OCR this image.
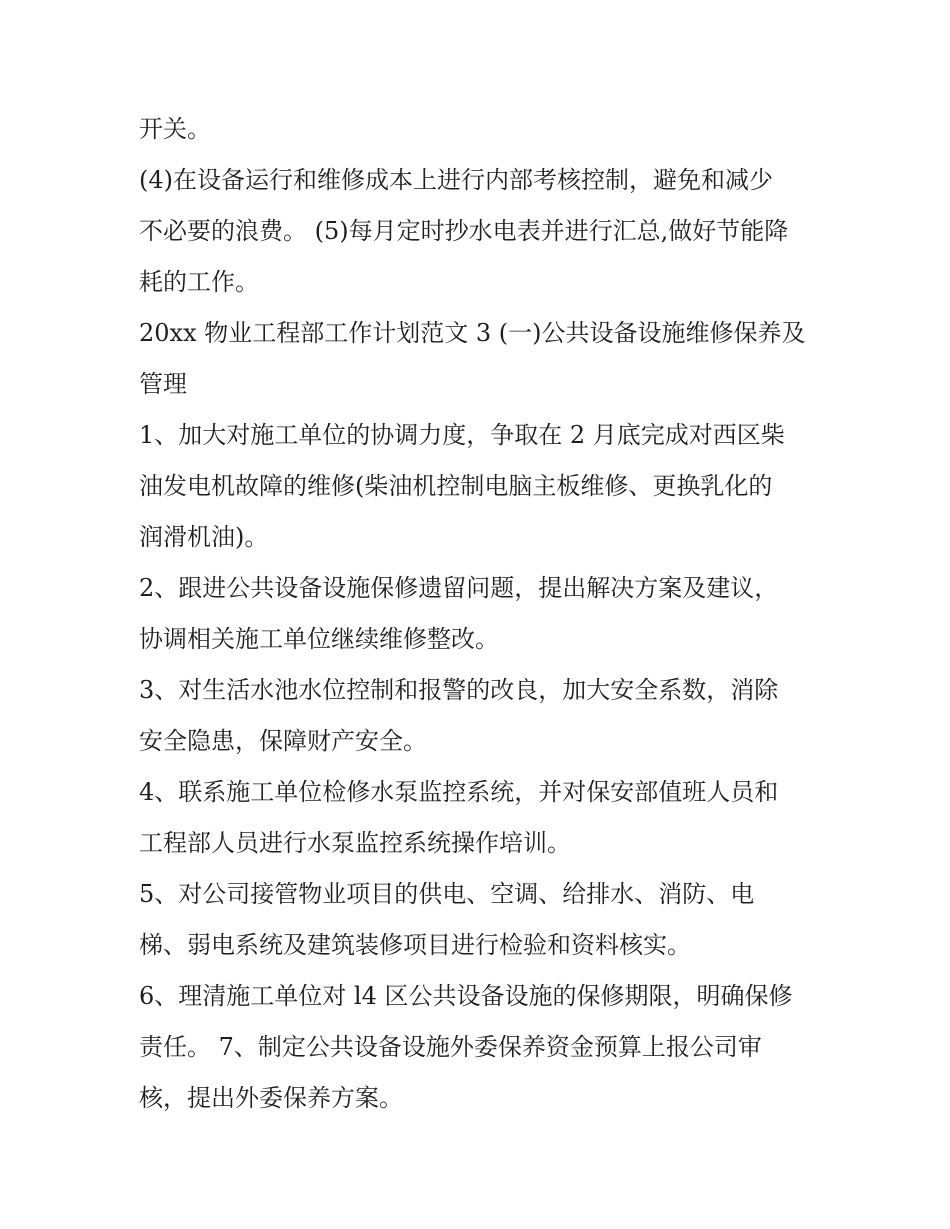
开关。
(4)在设备运行和维修成本上进行内部考核控制，避免和减少
不必要的浪费。 (5)每月定时抄水电表并进行汇总,做好节能降
耗的工作。
20xx 物业工程部工作计划范文 3 (一)公共设备设施维修保养及
管理
1、加大对施工单位的协调力度，争取在 2 月底完成对西区柴
油发电机故障的维修(柴油机控制电脑主板维修、更换乳化的
润滑机油)。
2、跟进公共设备设施保修遗留问题，提出解决方案及建议，
协调相关施工单位继续维修整改。
3、对生活水池水位控制和报警的改良，加大安全系数，消除
安全隐患，保障财产安全。
4、联系施工单位检修水泵监控系统，并对保安部值班人员和
工程部人员进行水泵监控系统操作培训。
5、对公司接管物业项目的供电、空调、给排水、消防、电
梯、弱电系统及建筑装修项目进行检验和资料核实。
6、理清施工单位对 l4 区公共设备设施的保修期限，明确保修
责任。 7、制定公共设备设施外委保养资金预算上报公司审
核，提出外委保养方案。
